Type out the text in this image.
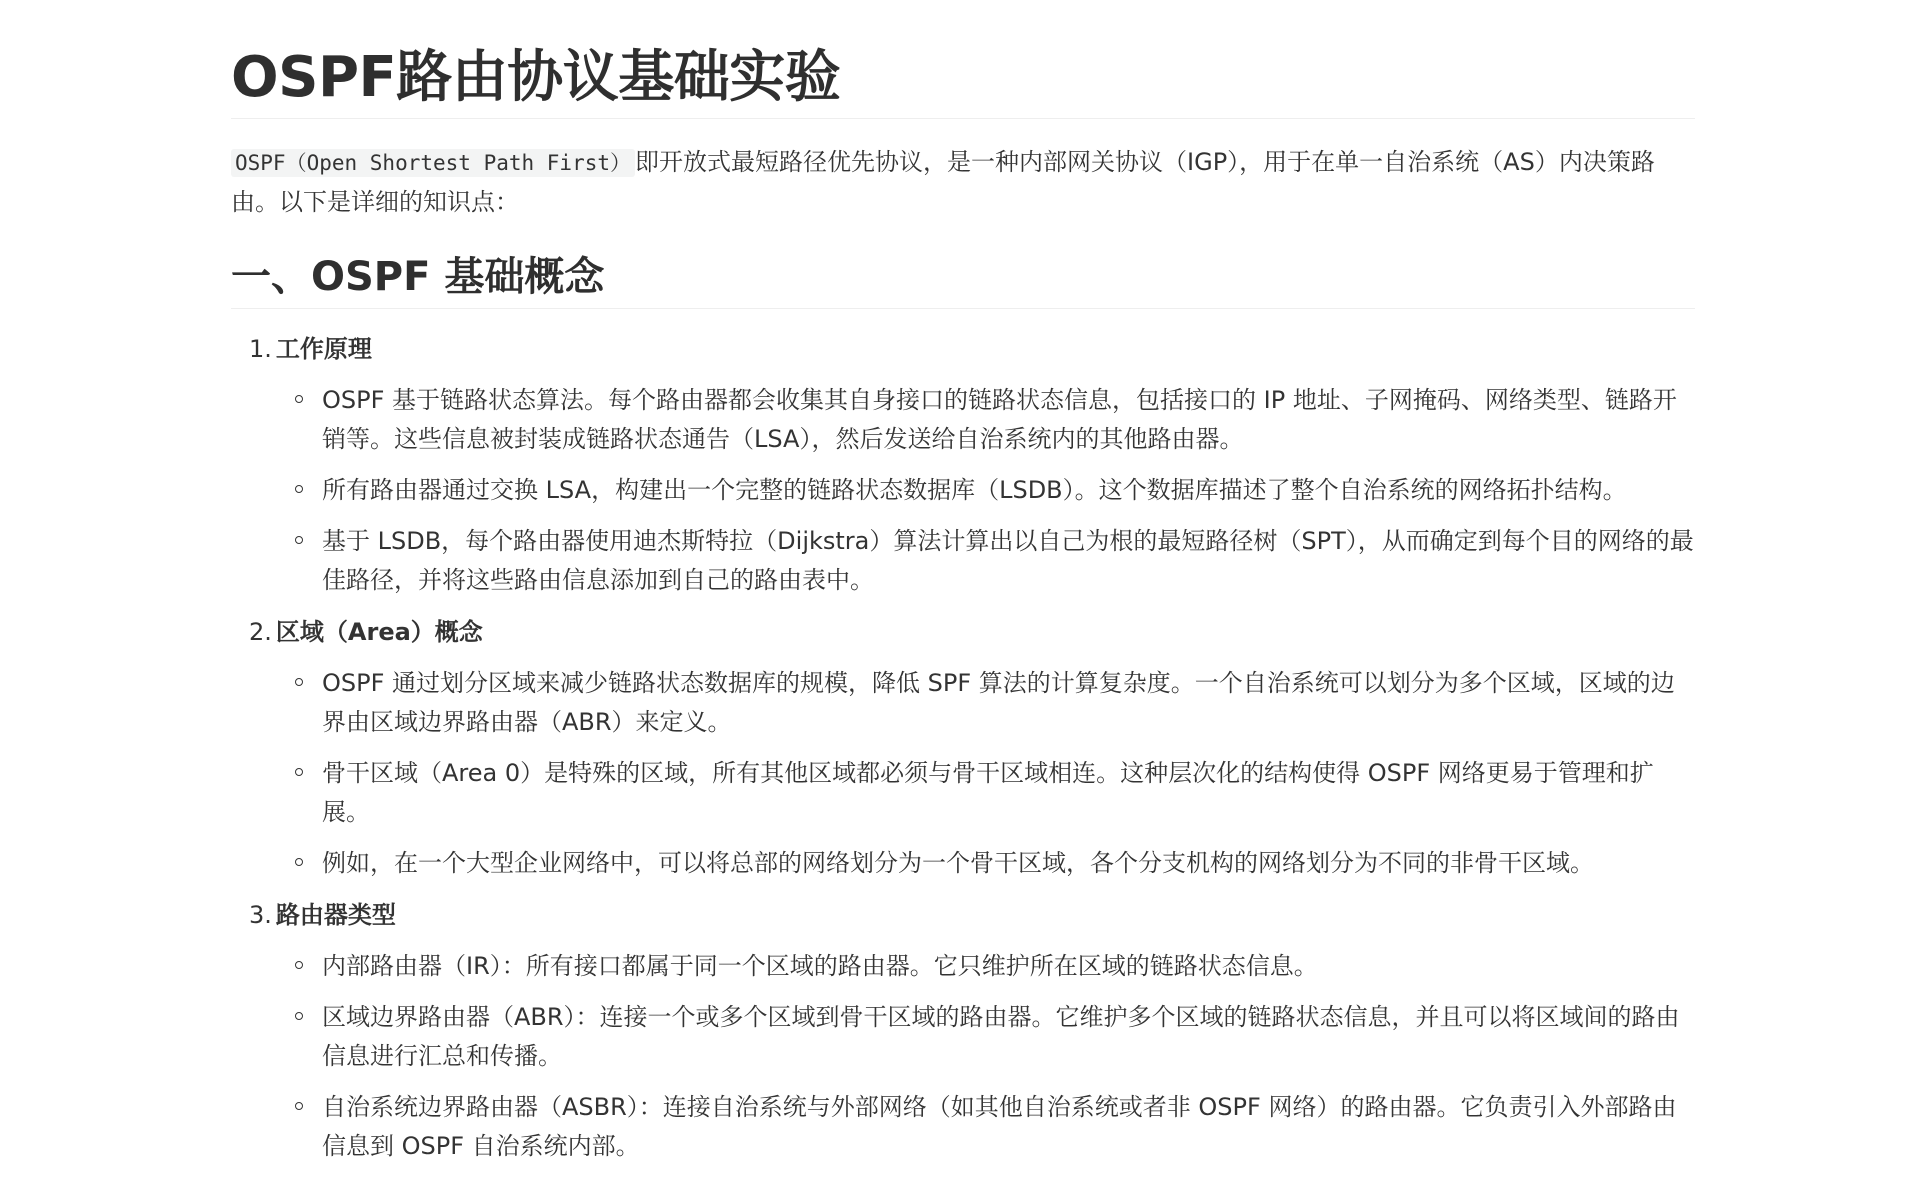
OSPF路由协议基础实验

OSPF（Open Shortest Path First） 即开放式最短路径优先协议，是一种内部网关协议（IGP），用于在单一自治系统（AS）内决策路由。以下是详细的知识点：

一、OSPF 基础概念
1. 工作原理
OSPF 基于链路状态算法。每个路由器都会收集其自身接口的链路状态信息，包括接口的 IP 地址、子网掩码、网络类型、链路开销等。这些信息被封装成链路状态通告（LSA），然后发送给自治系统内的其他路由器。
所有路由器通过交换 LSA，构建出一个完整的链路状态数据库（LSDB）。这个数据库描述了整个自治系统的网络拓扑结构。
基于 LSDB，每个路由器使用迪杰斯特拉（Dijkstra）算法计算出以自己为根的最短路径树（SPT），从而确定到每个目的网络的最佳路径，并将这些路由信息添加到自己的路由表中。
2. 区域（Area）概念
OSPF 通过划分区域来减少链路状态数据库的规模，降低 SPF 算法的计算复杂度。一个自治系统可以划分为多个区域，区域的边界由区域边界路由器（ABR）来定义。
骨干区域（Area 0）是特殊的区域，所有其他区域都必须与骨干区域相连。这种层次化的结构使得 OSPF 网络更易于管理和扩展。
例如，在一个大型企业网络中，可以将总部的网络划分为一个骨干区域，各个分支机构的网络划分为不同的非骨干区域。
3. 路由器类型
内部路由器（IR）：所有接口都属于同一个区域的路由器。它只维护所在区域的链路状态信息。
区域边界路由器（ABR）：连接一个或多个区域到骨干区域的路由器。它维护多个区域的链路状态信息，并且可以将区域间的路由信息进行汇总和传播。
自治系统边界路由器（ASBR）：连接自治系统与外部网络（如其他自治系统或者非 OSPF 网络）的路由器。它负责引入外部路由信息到 OSPF 自治系统内部。
